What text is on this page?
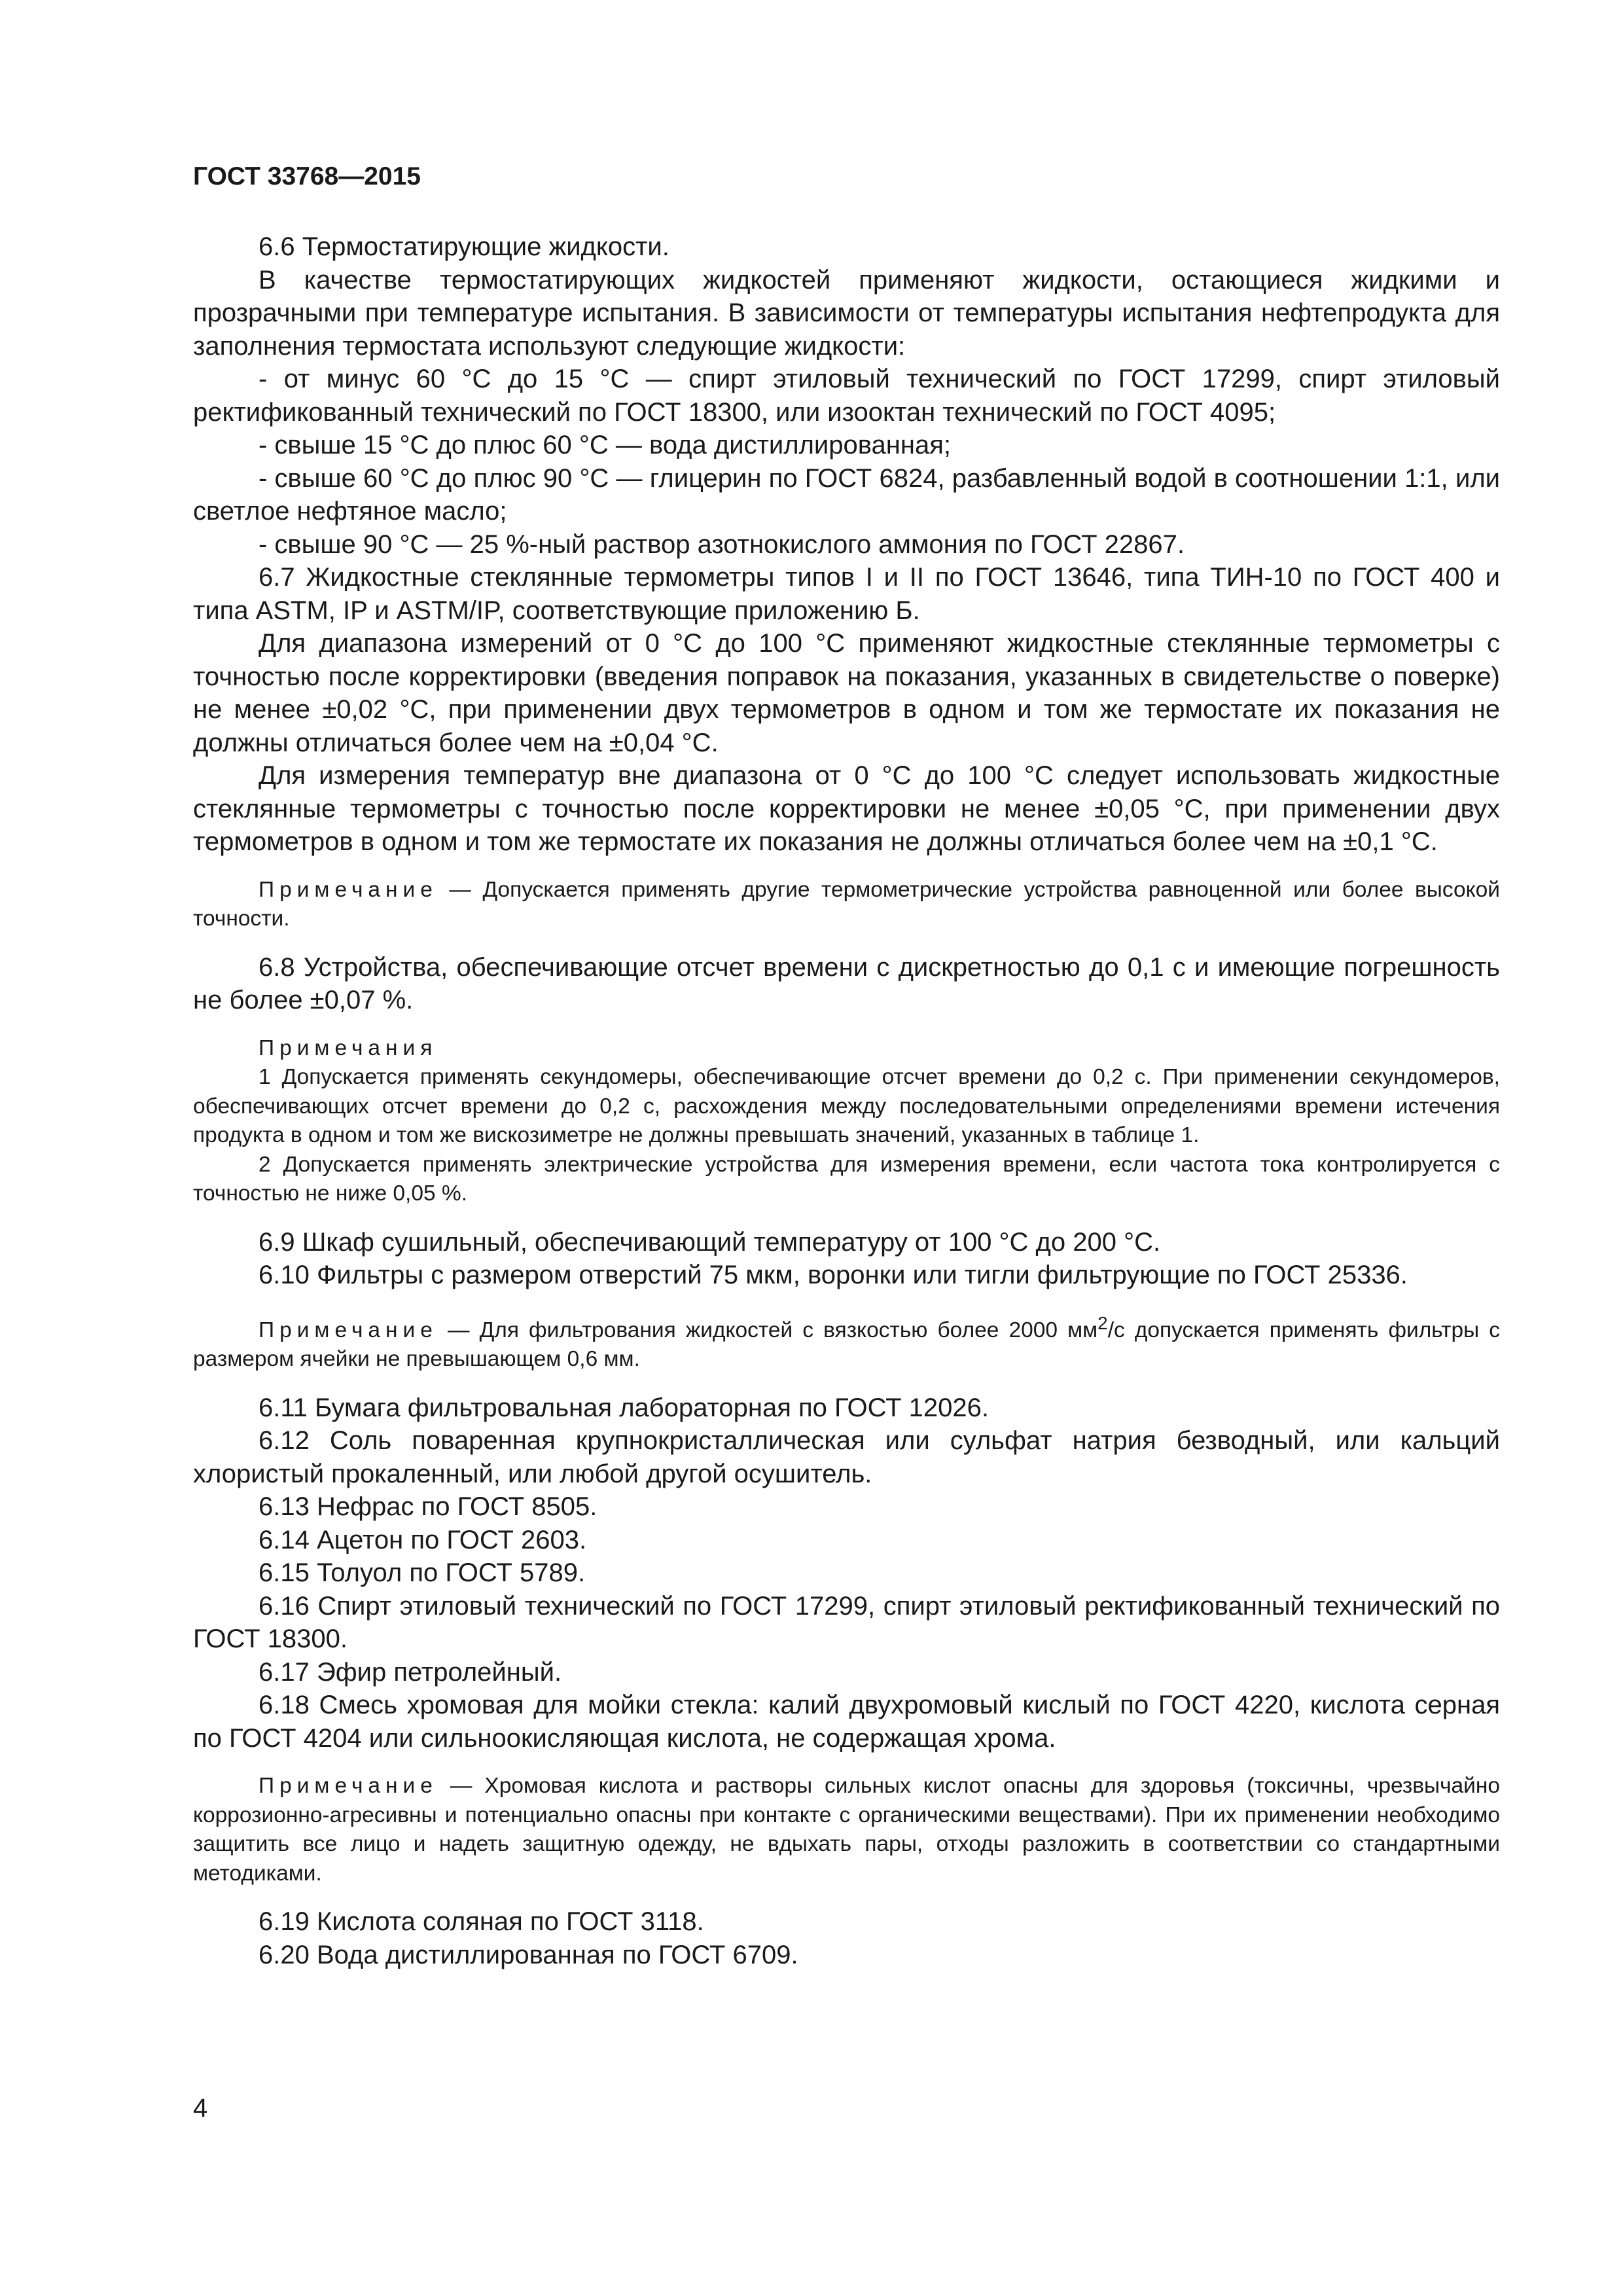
ГОСТ 33768—2015

6.6 Термостатирующие жидкости.

В качестве термостатирующих жидкостей применяют жидкости, остающиеся жидкими и прозрачными при температуре испытания. В зависимости от температуры испытания нефтепродукта для заполнения термостата используют следующие жидкости:

- от минус 60 °С до 15 °С — спирт этиловый технический по ГОСТ 17299, спирт этиловый ректификованный технический по ГОСТ 18300, или изооктан технический по ГОСТ 4095;

- свыше 15 °С до плюс 60 °С — вода дистиллированная;

- свыше 60 °С до плюс 90 °С — глицерин по ГОСТ 6824, разбавленный водой в соотношении 1:1, или светлое нефтяное масло;

- свыше 90 °С — 25 %-ный раствор азотнокислого аммония по ГОСТ 22867.

6.7 Жидкостные стеклянные термометры типов I и II по ГОСТ 13646, типа ТИН-10 по ГОСТ 400 и типа ASTM, IP и ASTM/IP, соответствующие приложению Б.

Для диапазона измерений от 0 °С до 100 °С применяют жидкостные стеклянные термометры с точностью после корректировки (введения поправок на показания, указанных в свидетельстве о поверке) не менее ±0,02 °С, при применении двух термометров в одном и том же термостате их показания не должны отличаться более чем на ±0,04 °С.

Для измерения температур вне диапазона от 0 °С до 100 °С следует использовать жидкостные стеклянные термометры с точностью после корректировки не менее ±0,05 °С, при применении двух термометров в одном и том же термостате их показания не должны отличаться более чем на ±0,1 °С.

Примечание — Допускается применять другие термометрические устройства равноценной или более высокой точности.

6.8 Устройства, обеспечивающие отсчет времени с дискретностью до 0,1 с и имеющие погрешность не более ±0,07 %.

Примечания

1 Допускается применять секундомеры, обеспечивающие отсчет времени до 0,2 с. При применении секундомеров, обеспечивающих отсчет времени до 0,2 с, расхождения между последовательными определениями времени истечения продукта в одном и том же вискозиметре не должны превышать значений, указанных в таблице 1.

2 Допускается применять электрические устройства для измерения времени, если частота тока контролируется с точностью не ниже 0,05 %.

6.9 Шкаф сушильный, обеспечивающий температуру от 100 °С до 200 °С.

6.10 Фильтры с размером отверстий 75 мкм, воронки или тигли фильтрующие по ГОСТ 25336.

Примечание — Для фильтрования жидкостей с вязкостью более 2000 $мм^2/с$ допускается применять фильтры с размером ячейки не превышающем 0,6 мм.

6.11 Бумага фильтровальная лабораторная по ГОСТ 12026.

6.12 Соль поваренная крупнокристаллическая или сульфат натрия безводный, или кальций хлористый прокаленный, или любой другой осушитель.

6.13 Нефрас по ГОСТ 8505.

6.14 Ацетон по ГОСТ 2603.

6.15 Толуол по ГОСТ 5789.

6.16 Спирт этиловый технический по ГОСТ 17299, спирт этиловый ректификованный технический по ГОСТ 18300.

6.17 Эфир петролейный.

6.18 Смесь хромовая для мойки стекла: калий двухромовый кислый по ГОСТ 4220, кислота серная по ГОСТ 4204 или сильноокисляющая кислота, не содержащая хрома.

Примечание — Хромовая кислота и растворы сильных кислот опасны для здоровья (токсичны, чрезвычайно коррозионно-агресивны и потенциально опасны при контакте с органическими веществами). При их применении необходимо защитить все лицо и надеть защитную одежду, не вдыхать пары, отходы разложить в соответствии со стандартными методиками.

6.19 Кислота соляная по ГОСТ 3118.

6.20 Вода дистиллированная по ГОСТ 6709.

4
